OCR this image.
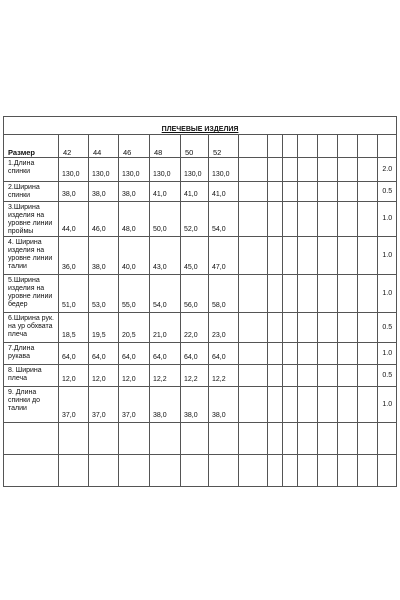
ПЛЕЧЕВЫЕ ИЗДЕЛИЯ														
Размер	42	44	46	48	50	52								
1.Длина спинки	130,0	130,0	130,0	130,0	130,0	130,0								2.0
2.Ширина спинки	38,0	38,0	38,0	41,0	41,0	41,0								0.5
3.Ширина изделия на уровне линии проймы	44,0	46,0	48,0	50,0	52,0	54,0								1.0
4. Ширина изделия на уровне линии талии	36,0	38,0	40,0	43,0	45,0	47,0								1.0
5.Ширина изделия на уровне линии бедер	51,0	53,0	55,0	54,0	56,0	58,0								1.0
6.Ширина рук. на ур обхвата плеча	18,5	19,5	20,5	21,0	22,0	23,0								0.5
7.Длина рукава	64,0	64,0	64,0	64,0	64,0	64,0								1.0
8. Ширина плеча	12,0	12,0	12,0	12,2	12,2	12,2								0.5
9. Длина спинки до талии	37,0	37,0	37,0	38,0	38,0	38,0								1.0
